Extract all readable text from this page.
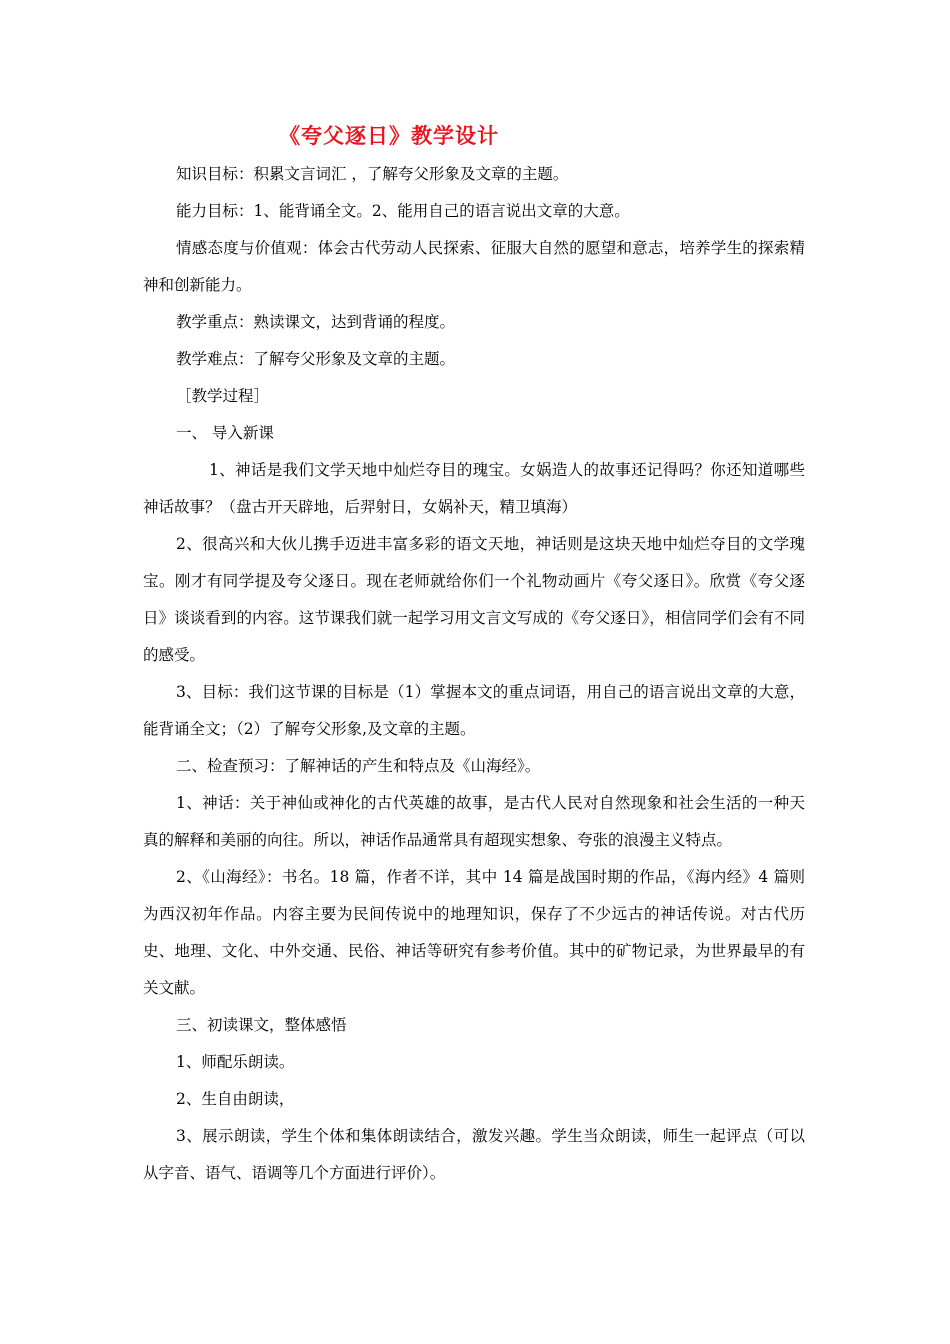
《夸父逐日》教学设计

知识目标：积累文言词汇 ，了解夸父形象及文章的主题。

能力目标：1、能背诵全文。2、能用自己的语言说出文章的大意。

情感态度与价值观：体会古代劳动人民探索、征服大自然的愿望和意志，培养学生的探索精神和创新能力。

教学重点：熟读课文，达到背诵的程度。

教学难点：了解夸父形象及文章的主题。

［教学过程］

一、 导入新课

1、神话是我们文学天地中灿烂夺目的瑰宝。女娲造人的故事还记得吗？你还知道哪些神话故事？（盘古开天辟地，后羿射日，女娲补天，精卫填海）

2、很高兴和大伙儿携手迈进丰富多彩的语文天地，神话则是这块天地中灿烂夺目的文学瑰宝。刚才有同学提及夸父逐日。现在老师就给你们一个礼物动画片《夸父逐日》。欣赏《夸父逐日》谈谈看到的内容。这节课我们就一起学习用文言文写成的《夸父逐日》，相信同学们会有不同的感受。

3、目标：我们这节课的目标是（1）掌握本文的重点词语，用自己的语言说出文章的大意，能背诵全文；（2）了解夸父形象,及文章的主题。

二、检查预习：了解神话的产生和特点及《山海经》。

1、神话：关于神仙或神化的古代英雄的故事，是古代人民对自然现象和社会生活的一种天真的解释和美丽的向往。所以，神话作品通常具有超现实想象、夸张的浪漫主义特点。

2、《山海经》：书名。18 篇，作者不详，其中 14 篇是战国时期的作品，《海内经》4 篇则为西汉初年作品。内容主要为民间传说中的地理知识，保存了不少远古的神话传说。对古代历史、地理、文化、中外交通、民俗、神话等研究有参考价值。其中的矿物记录，为世界最早的有关文献。

三、初读课文，整体感悟

1、师配乐朗读。

2、生自由朗读，

3、展示朗读，学生个体和集体朗读结合，激发兴趣。学生当众朗读，师生一起评点（可以从字音、语气、语调等几个方面进行评价）。
